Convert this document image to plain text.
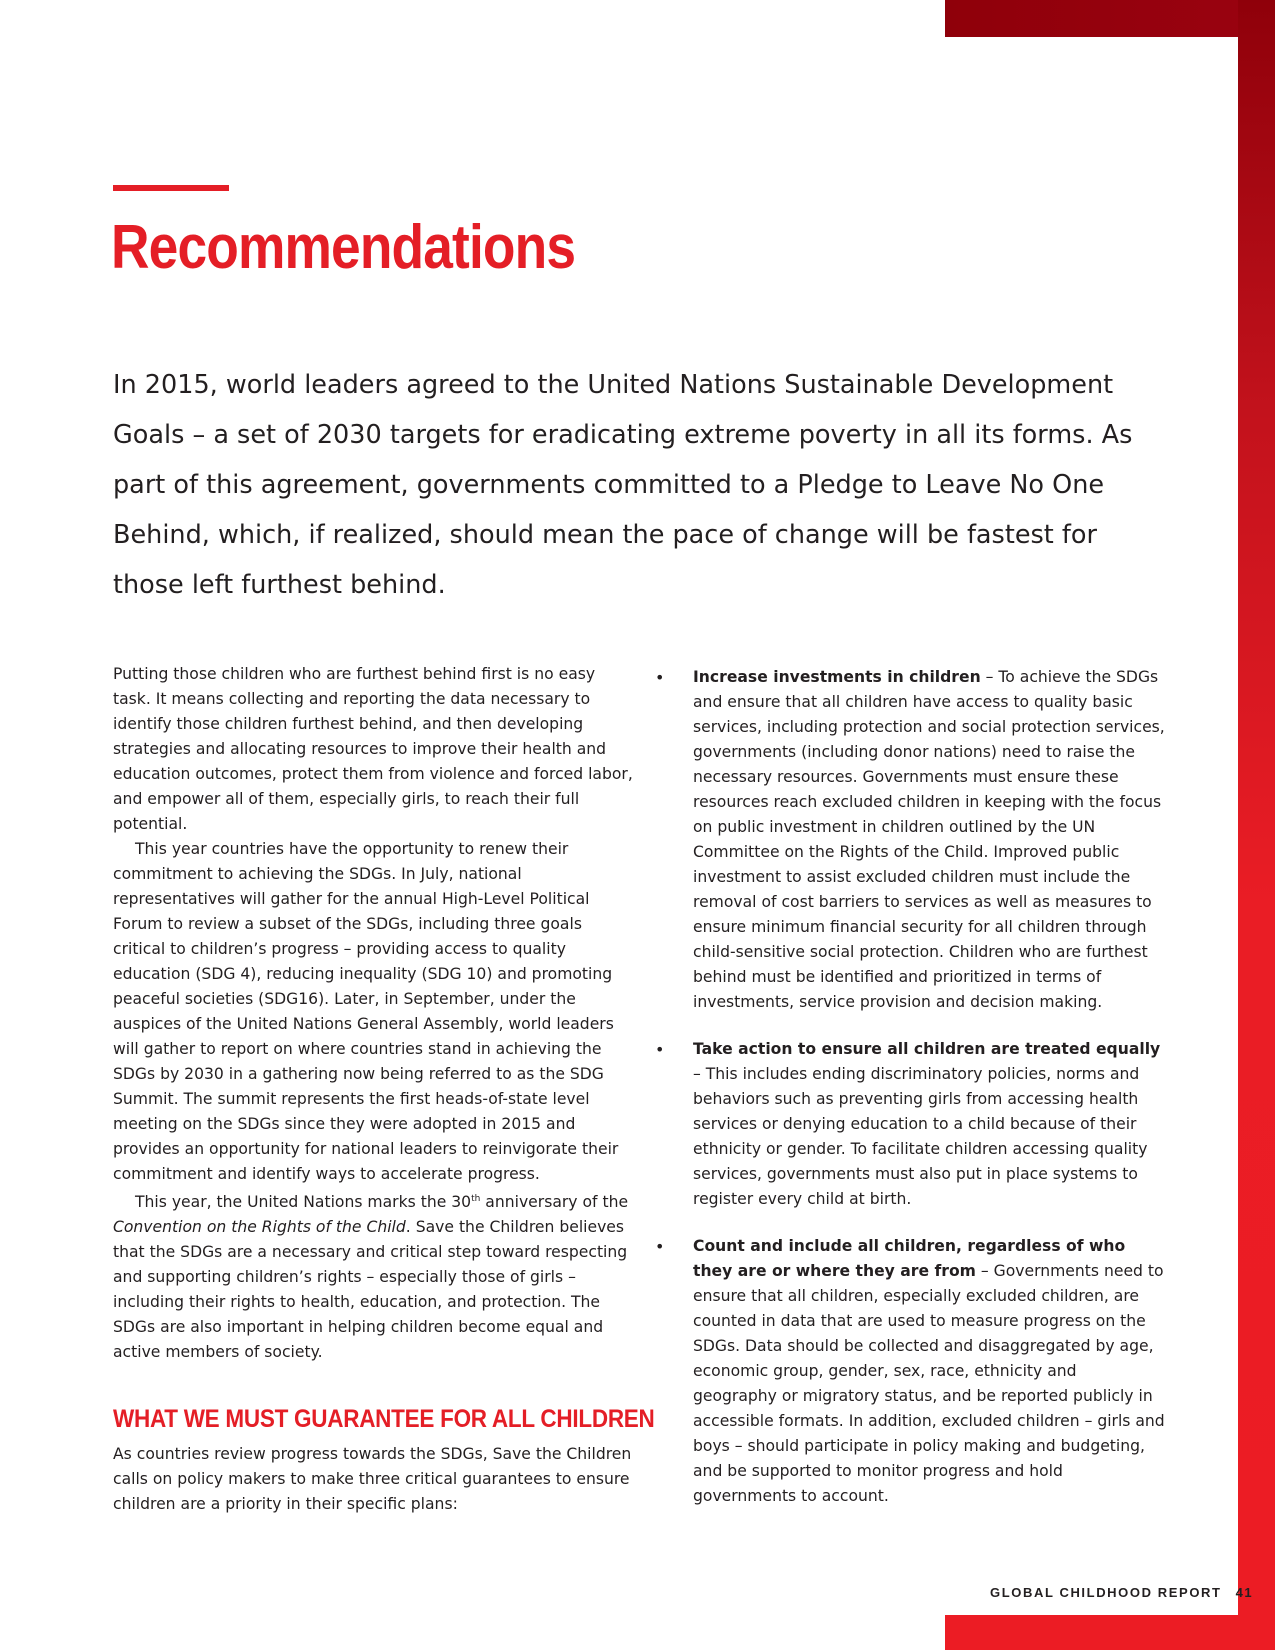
Recommendations

In 2015, world leaders agreed to the United Nations Sustainable Development Goals – a set of 2030 targets for eradicating extreme poverty in all its forms. As part of this agreement, governments committed to a Pledge to Leave No One Behind, which, if realized, should mean the pace of change will be fastest for those left furthest behind.

Putting those children who are furthest behind first is no easy task. It means collecting and reporting the data necessary to identify those children furthest behind, and then developing strategies and allocating resources to improve their health and education outcomes, protect them from violence and forced labor, and empower all of them, especially girls, to reach their full potential.

This year countries have the opportunity to renew their commitment to achieving the SDGs. In July, national representatives will gather for the annual High-Level Political Forum to review a subset of the SDGs, including three goals critical to children’s progress – providing access to quality education (SDG 4), reducing inequality (SDG 10) and promoting peaceful societies (SDG16). Later, in September, under the auspices of the United Nations General Assembly, world leaders will gather to report on where countries stand in achieving the SDGs by 2030 in a gathering now being referred to as the SDG Summit. The summit represents the first heads-of-state level meeting on the SDGs since they were adopted in 2015 and provides an opportunity for national leaders to reinvigorate their commitment and identify ways to accelerate progress.

This year, the United Nations marks the 30th anniversary of the Convention on the Rights of the Child. Save the Children believes that the SDGs are a necessary and critical step toward respecting and supporting children’s rights – especially those of girls – including their rights to health, education, and protection. The SDGs are also important in helping children become equal and active members of society.

WHAT WE MUST GUARANTEE FOR ALL CHILDREN

As countries review progress towards the SDGs, Save the Children calls on policy makers to make three critical guarantees to ensure children are a priority in their specific plans:

• Increase investments in children – To achieve the SDGs and ensure that all children have access to quality basic services, including protection and social protection services, governments (including donor nations) need to raise the necessary resources. Governments must ensure these resources reach excluded children in keeping with the focus on public investment in children outlined by the UN Committee on the Rights of the Child. Improved public investment to assist excluded children must include the removal of cost barriers to services as well as measures to ensure minimum financial security for all children through child-sensitive social protection. Children who are furthest behind must be identified and prioritized in terms of investments, service provision and decision making.
• Take action to ensure all children are treated equally – This includes ending discriminatory policies, norms and behaviors such as preventing girls from accessing health services or denying education to a child because of their ethnicity or gender. To facilitate children accessing quality services, governments must also put in place systems to register every child at birth.
• Count and include all children, regardless of who they are or where they are from – Governments need to ensure that all children, especially excluded children, are counted in data that are used to measure progress on the SDGs. Data should be collected and disaggregated by age, economic group, gender, sex, race, ethnicity and geography or migratory status, and be reported publicly in accessible formats. In addition, excluded children – girls and boys – should participate in policy making and budgeting, and be supported to monitor progress and hold governments to account.
GLOBAL CHILDHOOD REPORT 41
